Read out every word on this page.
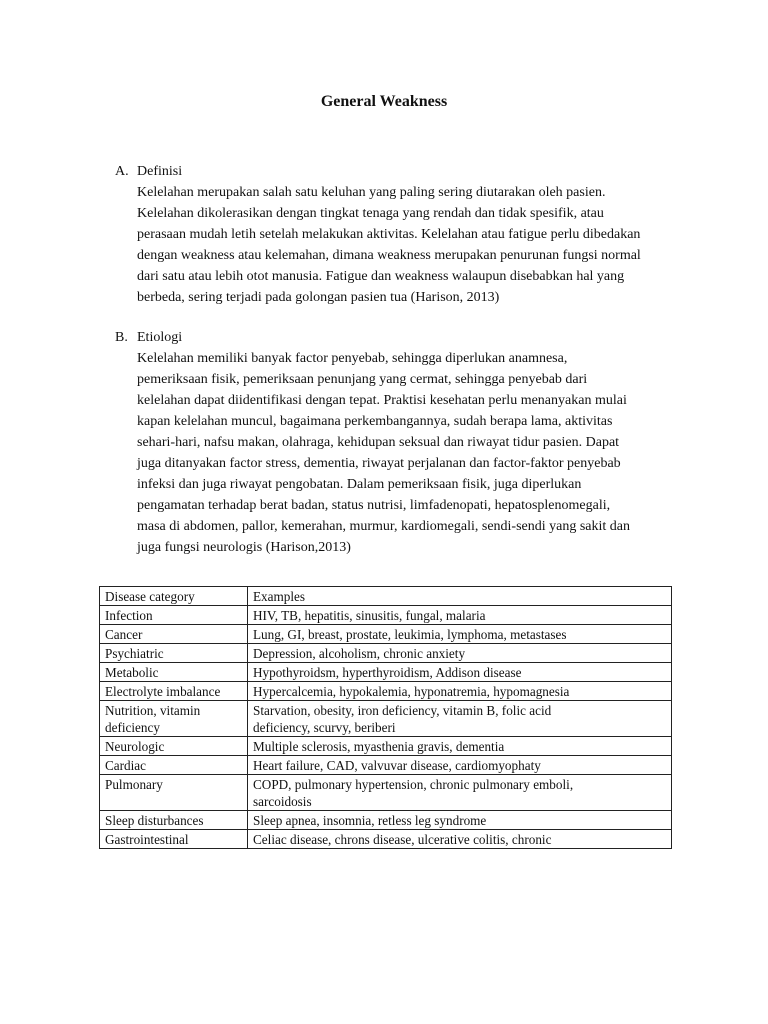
General Weakness
A. Definisi
Kelelahan merupakan salah satu keluhan yang paling sering diutarakan oleh pasien.
Kelelahan dikolerasikan dengan tingkat tenaga yang rendah dan tidak spesifik, atau
perasaan mudah letih setelah melakukan aktivitas. Kelelahan atau fatigue perlu dibedakan
dengan weakness atau kelemahan, dimana weakness merupakan penurunan fungsi normal
dari satu atau lebih otot manusia. Fatigue dan weakness walaupun disebabkan hal yang
berbeda, sering terjadi pada golongan pasien tua (Harison, 2013)
B. Etiologi
Kelelahan memiliki banyak factor penyebab, sehingga diperlukan anamnesa,
pemeriksaan fisik, pemeriksaan penunjang yang cermat, sehingga penyebab dari
kelelahan dapat diidentifikasi dengan tepat. Praktisi kesehatan perlu menanyakan mulai
kapan kelelahan muncul, bagaimana perkembangannya, sudah berapa lama, aktivitas
sehari-hari, nafsu makan, olahraga, kehidupan seksual dan riwayat tidur pasien. Dapat
juga ditanyakan factor stress, dementia, riwayat perjalanan dan factor-faktor penyebab
infeksi dan juga riwayat pengobatan. Dalam pemeriksaan fisik, juga diperlukan
pengamatan terhadap berat badan, status nutrisi, limfadenopati, hepatosplenomegali,
masa di abdomen, pallor, kemerahan, murmur, kardiomegali, sendi-sendi yang sakit dan
juga fungsi neurologis (Harison,2013)
Disease category	Examples
Infection	HIV, TB, hepatitis, sinusitis, fungal, malaria
Cancer	Lung, GI, breast, prostate, leukimia, lymphoma, metastases
Psychiatric	Depression, alcoholism, chronic anxiety
Metabolic	Hypothyroidsm, hyperthyroidism, Addison disease
Electrolyte imbalance	Hypercalcemia, hypokalemia, hyponatremia, hypomagnesia
Nutrition, vitamin
deficiency	Starvation, obesity, iron deficiency, vitamin B, folic acid
deficiency, scurvy, beriberi
Neurologic	Multiple sclerosis, myasthenia gravis, dementia
Cardiac	Heart failure, CAD, valvuvar disease, cardiomyophaty
Pulmonary	COPD, pulmonary hypertension, chronic pulmonary emboli,
sarcoidosis
Sleep disturbances	Sleep apnea, insomnia, retless leg syndrome
Gastrointestinal	Celiac disease, chrons disease, ulcerative colitis, chronic
